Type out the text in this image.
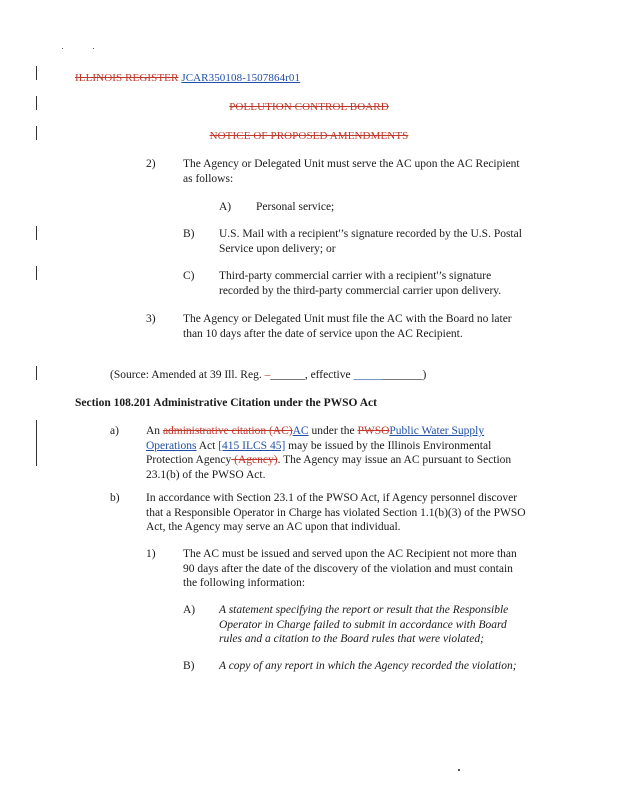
ILLINOIS REGISTER JCAR350108-1507864r01
POLLUTION CONTROL BOARD
NOTICE OF PROPOSED AMENDMENTS
2) The Agency or Delegated Unit must serve the AC upon the AC Recipient
as follows:
A) Personal service;
B) U.S. Mail with a recipient'’s signature recorded by the U.S. Postal
Service upon delivery; or
C) Third-party commercial carrier with a recipient'’s signature
recorded by the third-party commercial carrier upon delivery.
3) The Agency or Delegated Unit must file the AC with the Board no later
than 10 days after the date of service upon the AC Recipient.
(Source: Amended at 39 Ill. Reg. –______, effective ____________)
Section 108.201 Administrative Citation under the PWSO Act
a) An administrative citation (AC)AC under the PWSOPublic Water Supply
Operations Act [415 ILCS 45] may be issued by the Illinois Environmental
Protection Agency (Agency). The Agency may issue an AC pursuant to Section
23.1(b) of the PWSO Act.
b) In accordance with Section 23.1 of the PWSO Act, if Agency personnel discover
that a Responsible Operator in Charge has violated Section 1.1(b)(3) of the PWSO
Act, the Agency may serve an AC upon that individual.
1) The AC must be issued and served upon the AC Recipient not more than
90 days after the date of the discovery of the violation and must contain
the following information:
A) A statement specifying the report or result that the Responsible
Operator in Charge failed to submit in accordance with Board
rules and a citation to the Board rules that were violated;
B) A copy of any report in which the Agency recorded the violation;
